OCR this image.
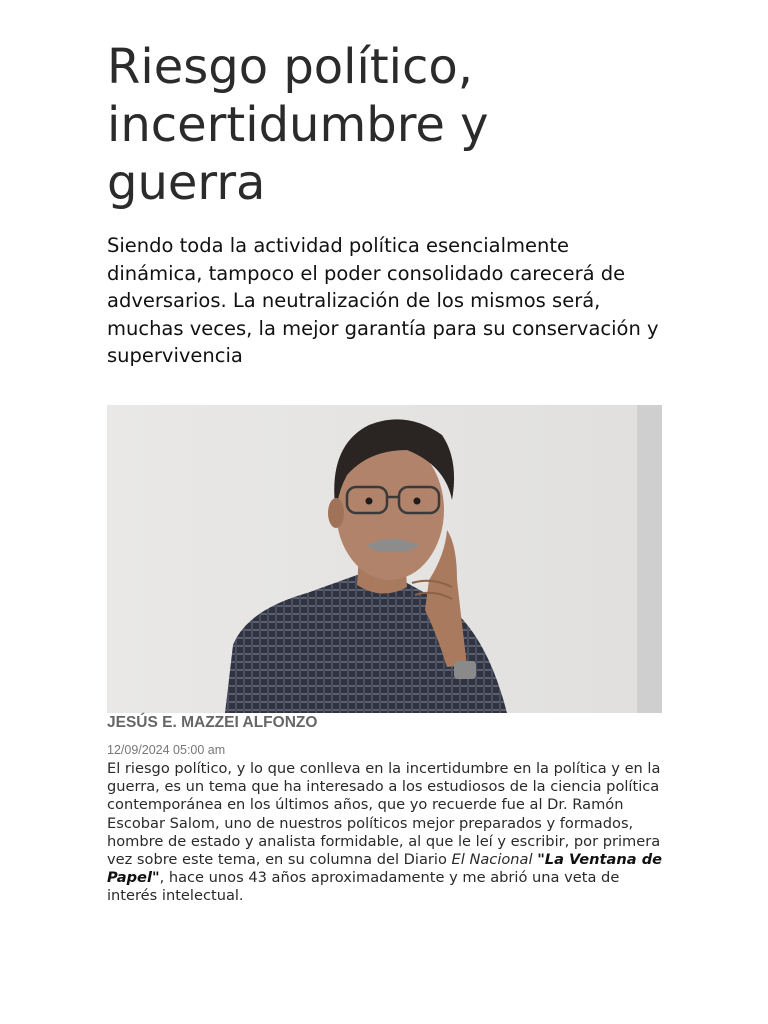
Riesgo político, incertidumbre y guerra

Siendo toda la actividad política esencialmente dinámica, tampoco el poder consolidado carecerá de adversarios. La neutralización de los mismos será, muchas veces, la mejor garantía para su conservación y supervivencia

JESÚS E. MAZZEI ALFONZO
12/09/2024 05:00 am

El riesgo político, y lo que conlleva en la incertidumbre en la política y en la guerra, es un tema que ha interesado a los estudiosos de la ciencia política contemporánea en los últimos años, que yo recuerde fue al Dr. Ramón Escobar Salom, uno de nuestros políticos mejor preparados y formados, hombre de estado y analista formidable, al que le leí y escribir, por primera vez sobre este tema, en su columna del Diario El Nacional "La Ventana de Papel", hace unos 43 años aproximadamente y me abrió una veta de interés intelectual.
